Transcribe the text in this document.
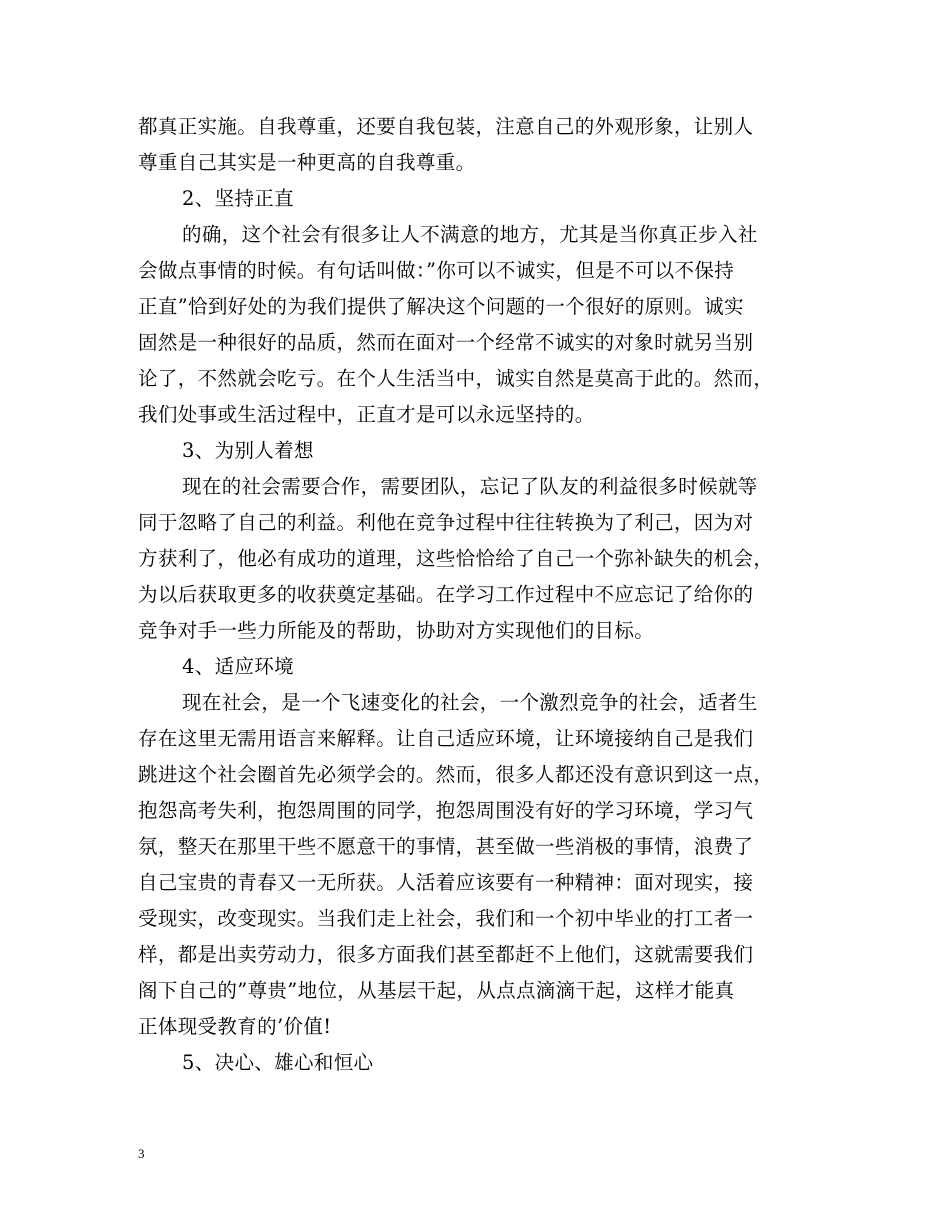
都真正实施。自我尊重，还要自我包装，注意自己的外观形象，让别人
尊重自己其实是一种更高的自我尊重。
2、坚持正直
的确，这个社会有很多让人不满意的地方，尤其是当你真正步入社
会做点事情的时候。有句话叫做：”你可以不诚实，但是不可以不保持
正直”恰到好处的为我们提供了解决这个问题的一个很好的原则。诚实
固然是一种很好的品质，然而在面对一个经常不诚实的对象时就另当别
论了，不然就会吃亏。在个人生活当中，诚实自然是莫高于此的。然而，
我们处事或生活过程中，正直才是可以永远坚持的。
3、为别人着想
现在的社会需要合作，需要团队，忘记了队友的利益很多时候就等
同于忽略了自己的利益。利他在竞争过程中往往转换为了利己，因为对
方获利了，他必有成功的道理，这些恰恰给了自己一个弥补缺失的机会，
为以后获取更多的收获奠定基础。在学习工作过程中不应忘记了给你的
竞争对手一些力所能及的帮助，协助对方实现他们的目标。
4、适应环境
现在社会，是一个飞速变化的社会，一个激烈竞争的社会，适者生
存在这里无需用语言来解释。让自己适应环境，让环境接纳自己是我们
跳进这个社会圈首先必须学会的。然而，很多人都还没有意识到这一点，
抱怨高考失利，抱怨周围的同学，抱怨周围没有好的学习环境，学习气
氛，整天在那里干些不愿意干的事情，甚至做一些消极的事情，浪费了
自己宝贵的青春又一无所获。人活着应该要有一种精神：面对现实，接
受现实，改变现实。当我们走上社会，我们和一个初中毕业的打工者一
样，都是出卖劳动力，很多方面我们甚至都赶不上他们，这就需要我们
阁下自己的”尊贵”地位，从基层干起，从点点滴滴干起，这样才能真
正体现受教育的’价值!
5、决心、雄心和恒心
3
